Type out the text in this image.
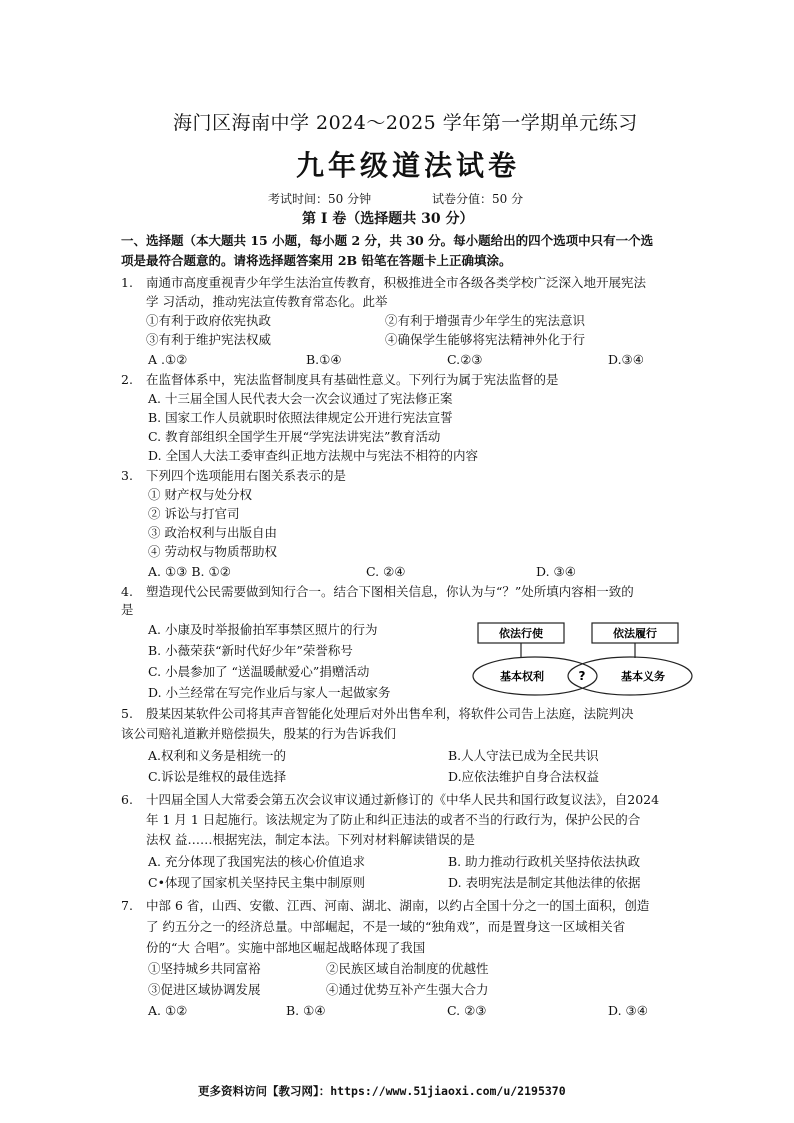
海门区海南中学 2024～2025 学年第一学期单元练习
九年级道法试卷
考试时间：50 分钟	试卷分值：50 分
第 I 卷（选择题共 30 分）
一、选择题（本大题共 15 小题，每小题 2 分，共 30 分。每小题给出的四个选项中只有一个选
项是最符合题意的。请将选择题答案用 2B 铅笔在答题卡上正确填涂。
1. 南通市高度重视青少年学生法治宣传教育，积极推进全市各级各类学校广泛深入地开展宪法
学 习活动，推动宪法宣传教育常态化。此举
①有利于政府依宪执政	②有利于增强青少年学生的宪法意识
③有利于维护宪法权威	④确保学生能够将宪法精神外化于行
A .①②	B.①④	C.②③	D.③④
2. 在监督体系中，宪法监督制度具有基础性意义。下列行为属于宪法监督的是
A. 十三届全国人民代表大会一次会议通过了宪法修正案
B. 国家工作人员就职时依照法律规定公开进行宪法宣誓
C. 教育部组织全国学生开展“学宪法讲宪法”教育活动
D. 全国人大法工委审查纠正地方法规中与宪法不相符的内容
3. 下列四个选项能用右图关系表示的是
① 财产权与处分权
② 诉讼与打官司
③ 政治权利与出版自由
④ 劳动权与物质帮助权
A. ①③ B. ①②	C. ②④	D. ③④
4. 塑造现代公民需要做到知行合一。结合下图相关信息，你认为与“？”处所填内容相一致的
是
A. 小康及时举报偷拍军事禁区照片的行为
B. 小薇荣获“新时代好少年”荣誉称号
C. 小晨参加了 “送温暖献爱心”捐赠活动
D. 小兰经常在写完作业后与家人一起做家务
依法行使	依法履行
基本权利	基本义务
?
5. 殷某因某软件公司将其声音智能化处理后对外出售牟利，将软件公司告上法庭，法院判决
该公司赔礼道歉并赔偿损失，殷某的行为告诉我们
A.权利和义务是相统一的	B.人人守法已成为全民共识
C.诉讼是维权的最佳选择	D.应依法维护自身合法权益
6. 十四届全国人大常委会第五次会议审议通过新修订的《中华人民共和国行政复议法》，自2024
年 1 月 1 日起施行。该法规定为了防止和纠正违法的或者不当的行政行为，保护公民的合
法权 益……根据宪法，制定本法。下列对材料解读错误的是
A. 充分体现了我国宪法的核心价值追求	B. 助力推动行政机关坚持依法执政
C•体现了国家机关坚持民主集中制原则	D. 表明宪法是制定其他法律的依据
7. 中部 6 省，山西、安徽、江西、河南、湖北、湖南，以约占全国十分之一的国土面积，创造
了 约五分之一的经济总量。中部崛起，不是一域的“独角戏”，而是置身这一区域相关省
份的“大 合唱”。实施中部地区崛起战略体现了我国
①坚持城乡共同富裕	②民族区域自治制度的优越性
③促进区域协调发展	④通过优势互补产生强大合力
A. ①②	B. ①④	C. ②③	D. ③④
更多资料访问【教习网】：https://www.51jiaoxi.com/u/2195370
